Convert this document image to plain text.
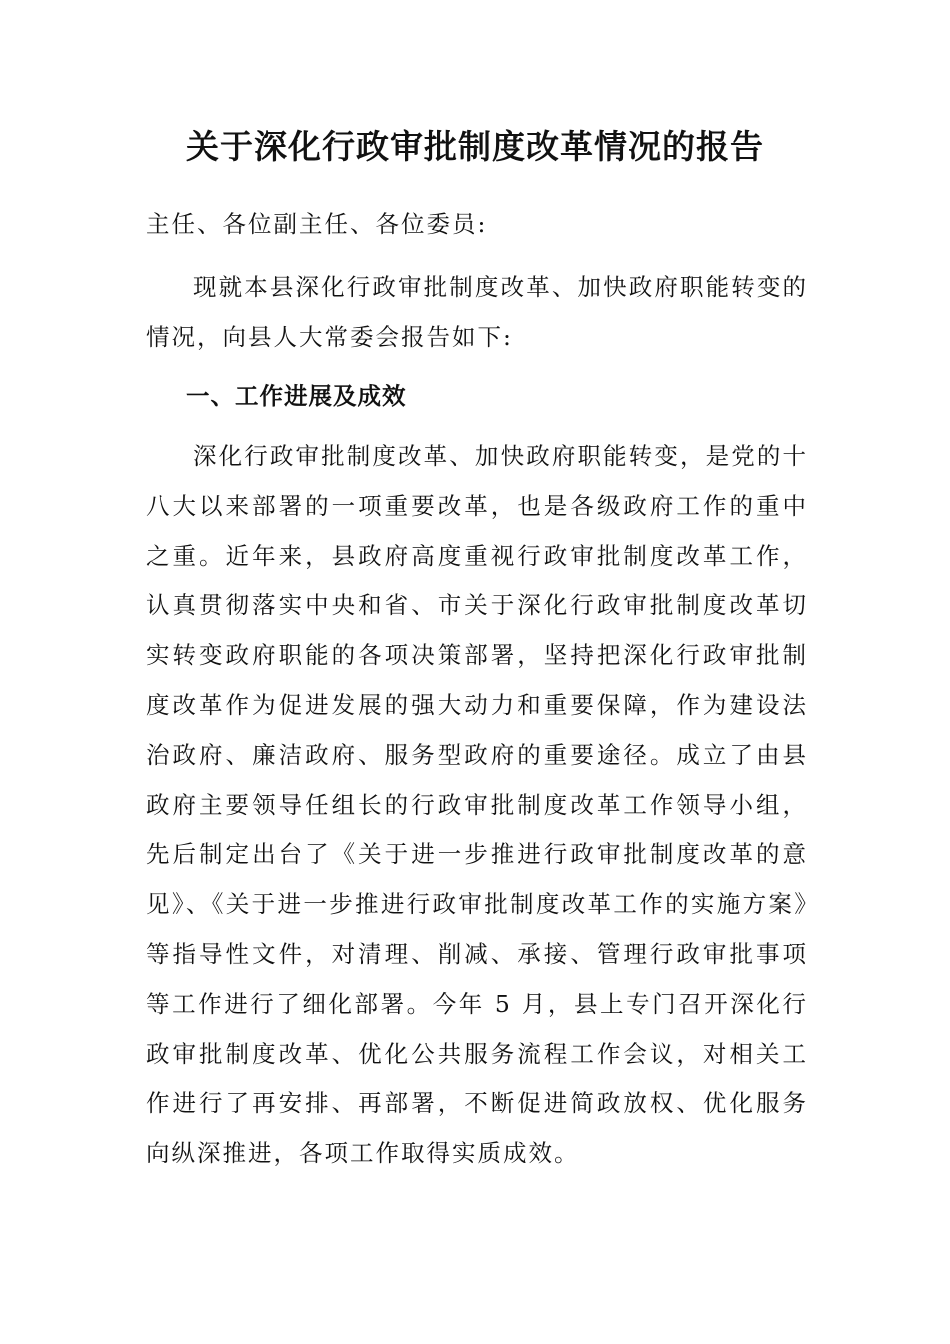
关于深化行政审批制度改革情况的报告

主任、各位副主任、各位委员:

现就本县深化行政审批制度改革、加快政府职能转变的情况，向县人大常委会报告如下:

一、工作进展及成效

深化行政审批制度改革、加快政府职能转变，是党的十八大以来部署的一项重要改革，也是各级政府工作的重中之重。近年来，县政府高度重视行政审批制度改革工作，认真贯彻落实中央和省、市关于深化行政审批制度改革切实转变政府职能的各项决策部署，坚持把深化行政审批制度改革作为促进发展的强大动力和重要保障，作为建设法治政府、廉洁政府、服务型政府的重要途径。成立了由县政府主要领导任组长的行政审批制度改革工作领导小组，先后制定出台了《关于进一步推进行政审批制度改革的意见》、《关于进一步推进行政审批制度改革工作的实施方案》等指导性文件，对清理、削减、承接、管理行政审批事项等工作进行了细化部署。今年 5 月，县上专门召开深化行政审批制度改革、优化公共服务流程工作会议，对相关工作进行了再安排、再部署，不断促进简政放权、优化服务向纵深推进，各项工作取得实质成效。
